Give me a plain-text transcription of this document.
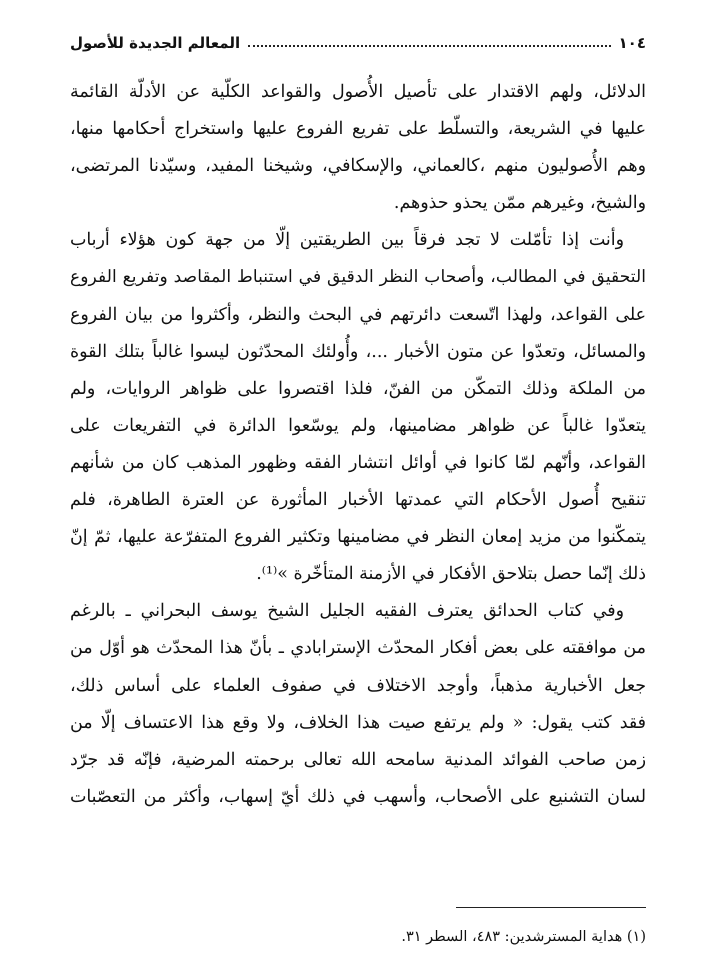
١٠٤
المعالم الجديدة للأصول
الدلائل، ولهم الاقتدار على تأصيل الأُصول والقواعد الكلّية عن الأدلّة القائمة
عليها في الشريعة، والتسلّط على تفريع الفروع عليها واستخراج أحكامها منها،
وهم الأُصوليون منهم ،كالعماني، والإسكافي، وشيخنا المفيد، وسيّدنا المرتضى،
والشيخ، وغيرهم ممّن يحذو حذوهم.
وأنت إذا تأمّلت لا تجد فرقاً بين الطريقتين إلّا من جهة كون هؤلاء أرباب
التحقيق في المطالب، وأصحاب النظر الدقيق في استنباط المقاصد وتفريع الفروع
على القواعد، ولهذا اتّسعت دائرتهم في البحث والنظر، وأكثروا من بيان الفروع
والمسائل، وتعدّوا عن متون الأخبار ...، وأُولئك المحدّثون ليسوا غالباً بتلك القوة
من الملكة وذلك التمكّن من الفنّ، فلذا اقتصروا على ظواهر الروايات، ولم
يتعدّوا غالباً عن ظواهر مضامينها، ولم يوسّعوا الدائرة في التفريعات على
القواعد، وأنّهم لمّا كانوا في أوائل انتشار الفقه وظهور المذهب كان من شأنهم
تنقيح أُصول الأحكام التي عمدتها الأخبار المأثورة عن العترة الطاهرة، فلم
يتمكّنوا من مزيد إمعان النظر في مضامينها وتكثير الفروع المتفرّعة عليها، ثمّ إنّ
ذلك إنّما حصل بتلاحق الأفكار في الأزمنة المتأخّرة »⁽¹⁾.
وفي كتاب الحدائق يعترف الفقيه الجليل الشيخ يوسف البحراني ـ بالرغم
من موافقته على بعض أفكار المحدّث الإسترابادي ـ بأنّ هذا المحدّث هو أوّل من
جعل الأخبارية مذهباً، وأوجد الاختلاف في صفوف العلماء على أساس ذلك،
فقد كتب يقول: « ولم يرتفع صيت هذا الخلاف، ولا وقع هذا الاعتساف إلّا من
زمن صاحب الفوائد المدنية سامحه الله تعالى برحمته المرضية، فإنّه قد جرّد
لسان التشنيع على الأصحاب، وأسهب في ذلك أيّ إسهاب، وأكثر من التعصّبات
(١) هداية المسترشدين: ٤٨٣، السطر ٣١.
